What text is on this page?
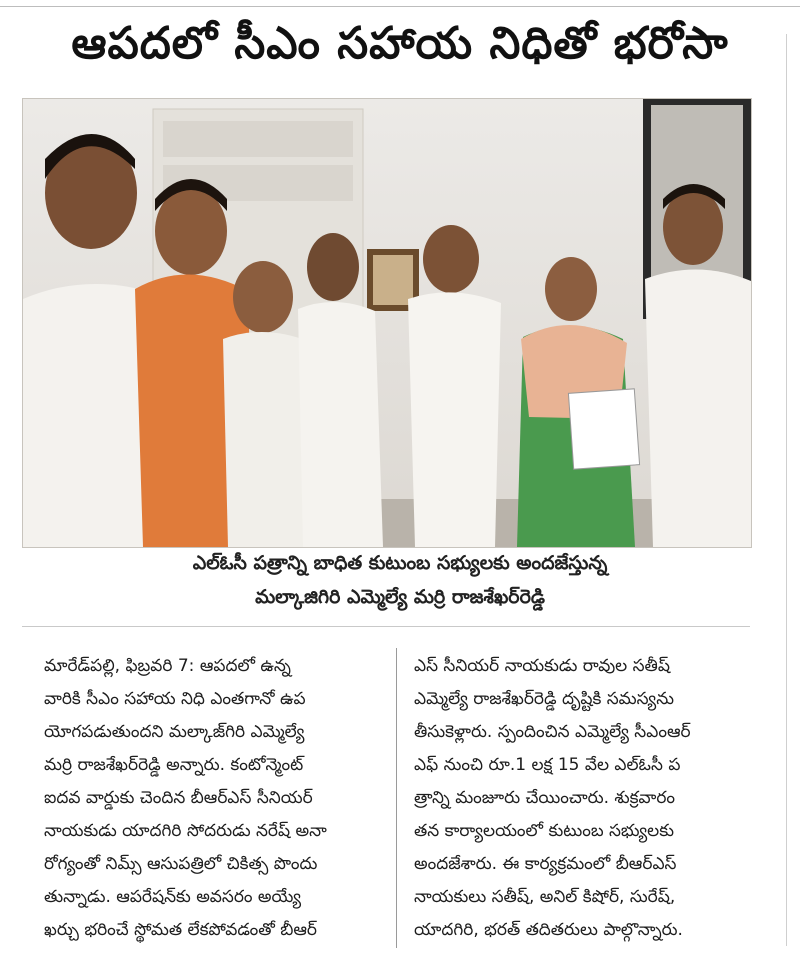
ఆపదలో సీఎం సహాయ నిధితో భరోసా
ఎల్ఓసీ పత్రాన్ని బాధిత కుటుంబ సభ్యులకు అందజేస్తున్న
మల్కాజిగిరి ఎమ్మెల్యే మర్రి రాజశేఖర్‌రెడ్డి
మారేడ్‌పల్లి, ఫిబ్రవరి 7: ఆపదలో ఉన్న
వారికి సీఎం సహాయ నిధి ఎంతగానో ఉప
యోగపడుతుందని మల్కాజ్‌గిరి ఎమ్మెల్యే
మర్రి రాజశేఖర్‌రెడ్డి అన్నారు. కంటోన్మెంట్
ఐదవ వార్డుకు చెందిన బీఆర్‌ఎస్ సీనియర్
నాయకుడు యాదగిరి సోదరుడు నరేష్ అనా
రోగ్యంతో నిమ్స్ ఆసుపత్రిలో చికిత్స పొందు
తున్నాడు. ఆపరేషన్‌కు అవసరం అయ్యే
ఖర్చు భరించే స్థోమత లేకపోవడంతో బీఆర్
ఎస్ సీనియర్ నాయకుడు రావుల సతీష్
ఎమ్మెల్యే రాజశేఖర్‌రెడ్డి దృష్టికి సమస్యను
తీసుకెళ్లారు. స్పందించిన ఎమ్మెల్యే సీఎంఆర్
ఎఫ్ నుంచి రూ.1 లక్ష 15 వేల ఎల్ఓసీ ప
త్రాన్ని మంజూరు చేయించారు. శుక్రవారం
తన కార్యాలయంలో కుటుంబ సభ్యులకు
అందజేశారు. ఈ కార్యక్రమంలో బీఆర్‌ఎస్
నాయకులు సతీష్, అనిల్ కిషోర్, సురేష్,
యాదగిరి, భరత్ తదితరులు పాల్గొన్నారు.
